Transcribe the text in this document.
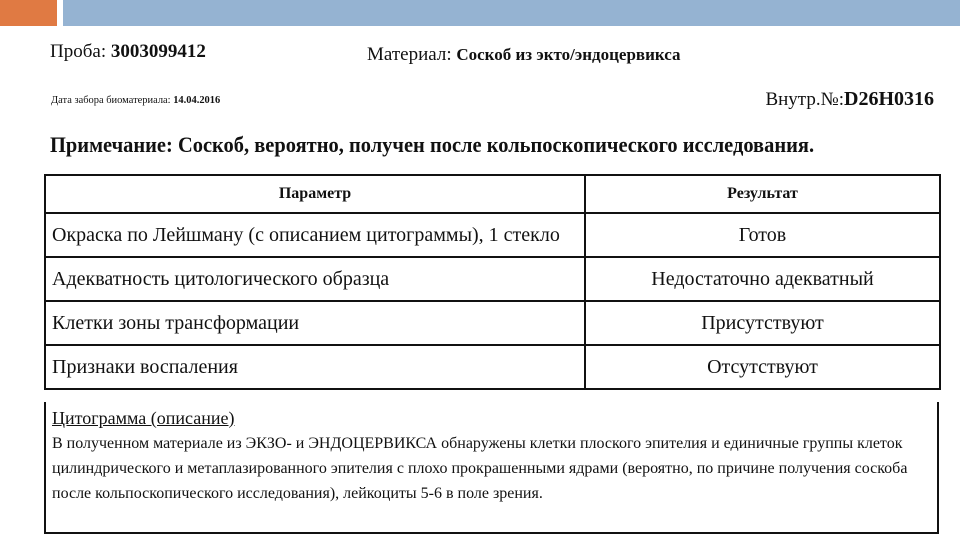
Проба: 3003099412	Материал: Соскоб из экто/эндоцервикса
Дата забора биоматериала: 14.04.2016	Внутр.№:D26H0316
Примечание: Соскоб, вероятно, получен после кольпоскопического исследования.
Параметр	Результат
Окраска по Лейшману (с описанием цитограммы), 1 стекло	Готов
Адекватность цитологического образца	Недостаточно адекватный
Клетки зоны трансформации	Присутствуют
Признаки воспаления	Отсутствуют
Цитограмма (описание)
В полученном материале из ЭКЗО- и ЭНДОЦЕРВИКСА обнаружены клетки плоского эпителия и единичные группы клеток цилиндрического и метаплазированного эпителия с плохо прокрашенными ядрами (вероятно, по причине получения соскоба после кольпоскопического исследования), лейкоциты 5-6 в поле зрения.
